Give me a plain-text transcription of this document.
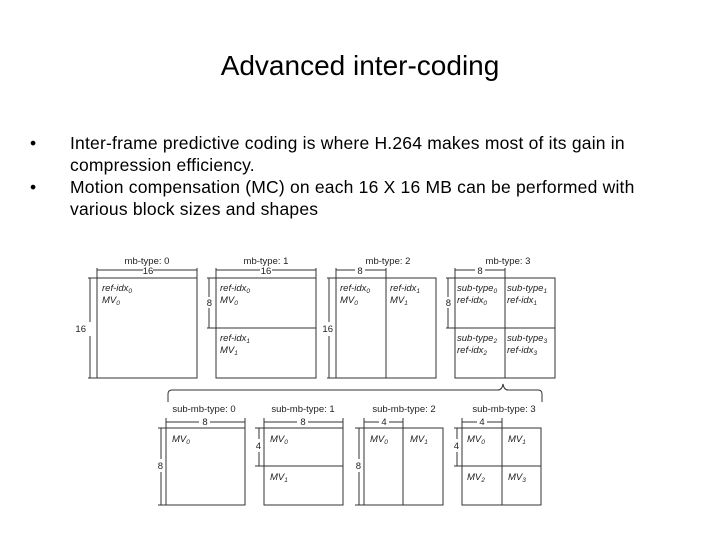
Advanced inter-coding
• Inter-frame predictive coding is where H.264 makes most of its gain in compression efficiency.
• Motion compensation (MC) on each 16 X 16 MB can be performed with various block sizes and shapes
mb-type: 0
16
16
ref-idx$_0$
$MV_0$
mb-type: 1
16
8
ref-idx$_0$
$MV_0$
ref-idx$_1$
$MV_1$
mb-type: 2
8
16
ref-idx$_0$
$MV_0$
ref-idx$_1$
$MV_1$
mb-type: 3
8
8
sub-type$_0$
ref-idx$_0$
sub-type$_1$
ref-idx$_1$
sub-type$_2$
ref-idx$_2$
sub-type$_3$
ref-idx$_3$
sub-mb-type: 0
8
8
$MV_0$
sub-mb-type: 1
8
4
$MV_0$
$MV_1$
sub-mb-type: 2
4
8
$MV_0$ $MV_1$
sub-mb-type: 3
4
4
$MV_0$ $MV_1$
$MV_2$ $MV_3$
